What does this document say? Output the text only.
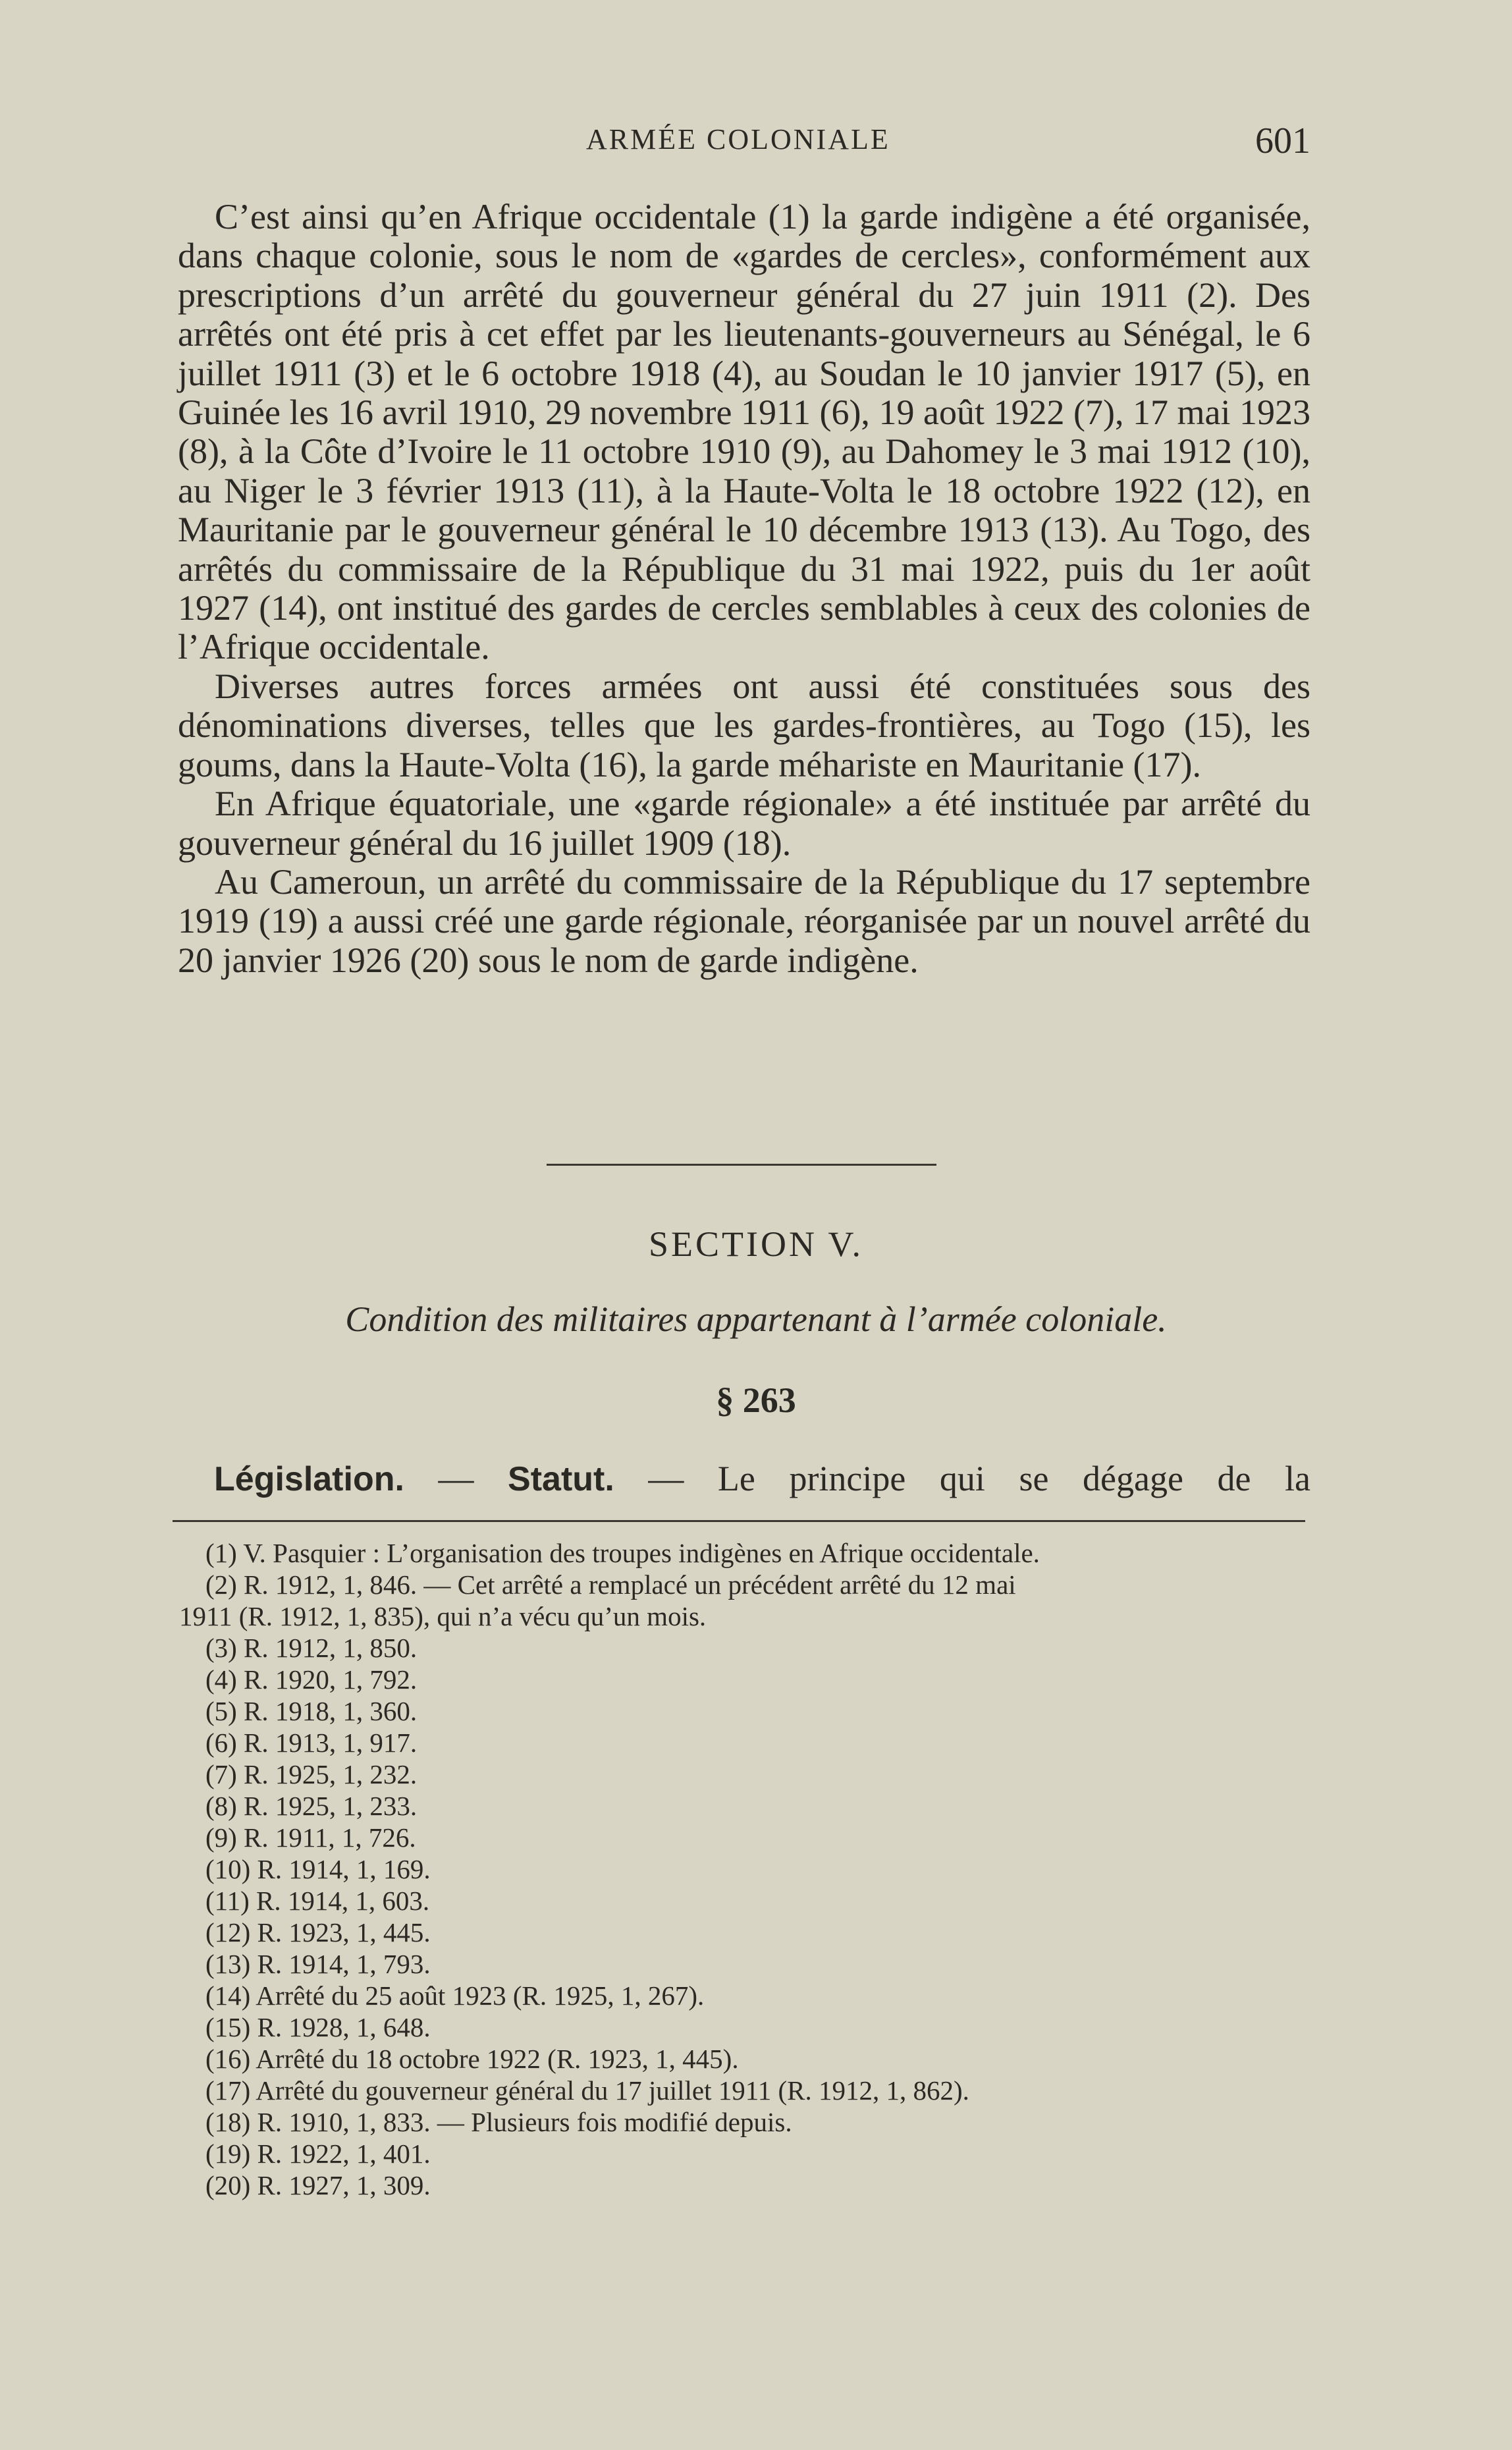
ARMÉE COLONIALE	601

C’est ainsi qu’en Afrique occidentale (1) la garde indigène a été organisée, dans chaque colonie, sous le nom de «gardes de cercles», conformément aux prescriptions d’un arrêté du gouverneur général du 27 juin 1911 (2). Des arrêtés ont été pris à cet effet par les lieutenants-gouverneurs au Sénégal, le 6 juillet 1911 (3) et le 6 octobre 1918 (4), au Soudan le 10 janvier 1917 (5), en Guinée les 16 avril 1910, 29 novembre 1911 (6), 19 août 1922 (7), 17 mai 1923 (8), à la Côte d’Ivoire le 11 octobre 1910 (9), au Dahomey le 3 mai 1912 (10), au Niger le 3 février 1913 (11), à la Haute-Volta le 18 octobre 1922 (12), en Mauritanie par le gouverneur général le 10 décembre 1913 (13). Au Togo, des arrêtés du commissaire de la République du 31 mai 1922, puis du 1er août 1927 (14), ont institué des gardes de cercles semblables à ceux des colonies de l’Afrique occidentale.

Diverses autres forces armées ont aussi été constituées sous des dénominations diverses, telles que les gardes-frontières, au Togo (15), les goums, dans la Haute-Volta (16), la garde méhariste en Mauritanie (17).

En Afrique équatoriale, une «garde régionale» a été instituée par arrêté du gouverneur général du 16 juillet 1909 (18).

Au Cameroun, un arrêté du commissaire de la République du 17 septembre 1919 (19) a aussi créé une garde régionale, réorganisée par un nouvel arrêté du 20 janvier 1926 (20) sous le nom de garde indigène.

SECTION V.
Condition des militaires appartenant à l’armée coloniale.
§ 263
Législation. — Statut. — Le principe qui se dégage de la

(1) V. Pasquier : L’organisation des troupes indigènes en Afrique occidentale.

(2) R. 1912, 1, 846. — Cet arrêté a remplacé un précédent arrêté du 12 mai

1911 (R. 1912, 1, 835), qui n’a vécu qu’un mois.

(3) R. 1912, 1, 850.

(4) R. 1920, 1, 792.

(5) R. 1918, 1, 360.

(6) R. 1913, 1, 917.

(7) R. 1925, 1, 232.

(8) R. 1925, 1, 233.

(9) R. 1911, 1, 726.

(10) R. 1914, 1, 169.

(11) R. 1914, 1, 603.

(12) R. 1923, 1, 445.

(13) R. 1914, 1, 793.

(14) Arrêté du 25 août 1923 (R. 1925, 1, 267).

(15) R. 1928, 1, 648.

(16) Arrêté du 18 octobre 1922 (R. 1923, 1, 445).

(17) Arrêté du gouverneur général du 17 juillet 1911 (R. 1912, 1, 862).

(18) R. 1910, 1, 833. — Plusieurs fois modifié depuis.

(19) R. 1922, 1, 401.

(20) R. 1927, 1, 309.
